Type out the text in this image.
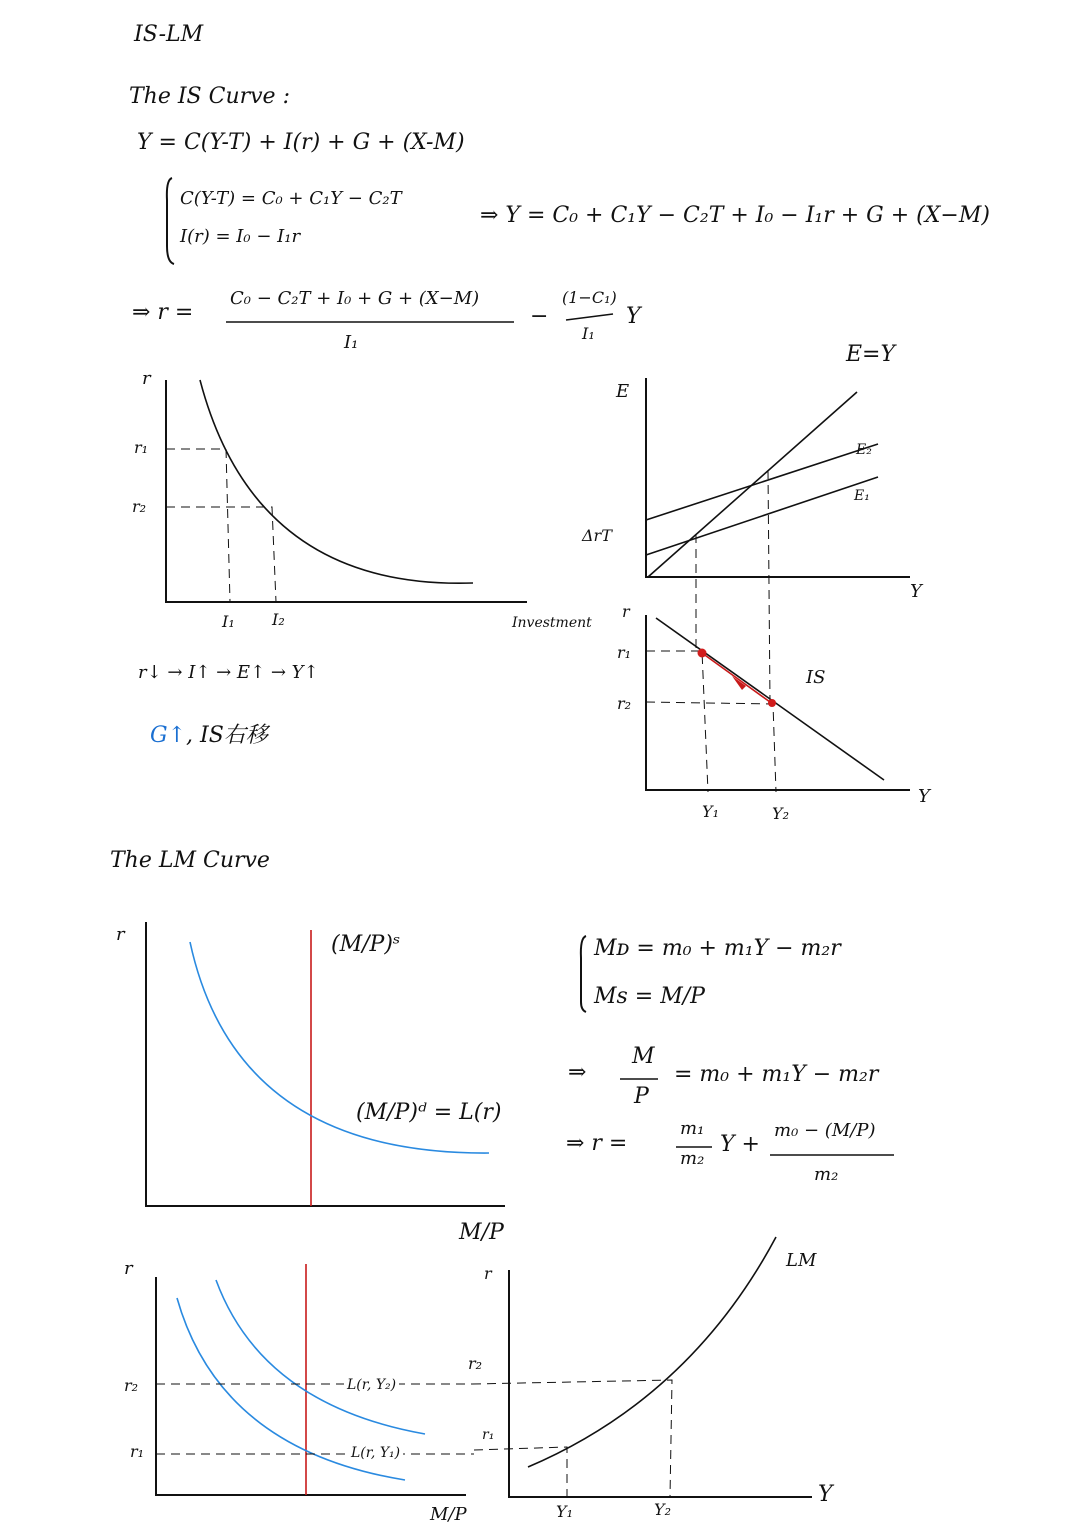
IS-LM
The IS Curve :
Y = C(Y-T) + I(r) + G + (X-M)
C(Y-T) = C₀ + C₁Y − C₂T
I(r) = I₀ − I₁r
⇒ Y = C₀ + C₁Y − C₂T + I₀ − I₁r + G + (X−M)
⇒ r =
C₀ − C₂T + I₀ + G + (X−M)
I₁
−
(1−C₁)
I₁
Y
r
r₁
r₂
I₁ I₂	Investment
E=Y
E
E₂
E₁
ΔrT
Y
r
r₁
r₂
IS
Y₁	Y₂
Y
r↓ → I↑ → E↑ → Y↑
G↑, IS右移
The LM Curve
r	(M/P)ˢ
(M/P)ᵈ = L(r)
M/P
Mᴅ = m₀ + m₁Y − m₂r
Ms = M/P
⇒
M
P
= m₀ + m₁Y − m₂r
⇒ r =
m₁
m₂
Y +
m₀ − (M/P)
m₂
r
r₂
r₁
L(r, Y₂)
L(r, Y₁)
M/P
r
LM
r₂
r₁
Y₁	Y₂
Y
